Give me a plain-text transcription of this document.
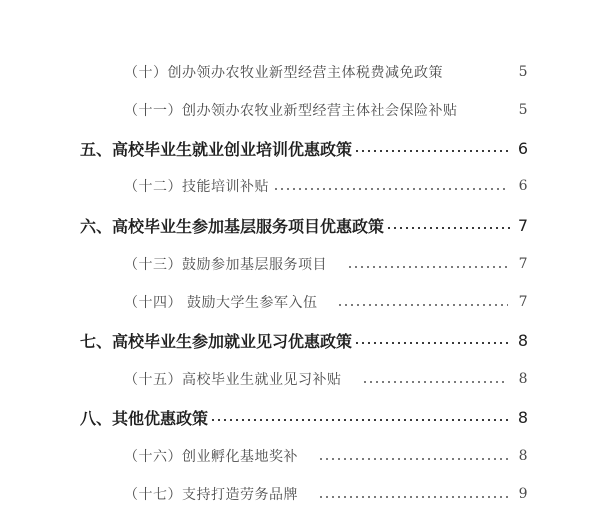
（十）创办领办农牧业新型经营主体税费减免政策	5
（十一）创办领办农牧业新型经营主体社会保险补贴	5
五、高校毕业生就业创业培训优惠政策	6
（十二）技能培训补贴	6
六、高校毕业生参加基层服务项目优惠政策	7
（十三）鼓励参加基层服务项目	7
（十四） 鼓励大学生参军入伍	7
七、高校毕业生参加就业见习优惠政策	8
（十五）高校毕业生就业见习补贴	8
八、其他优惠政策	8
（十六）创业孵化基地奖补	8
（十七）支持打造劳务品牌	9
